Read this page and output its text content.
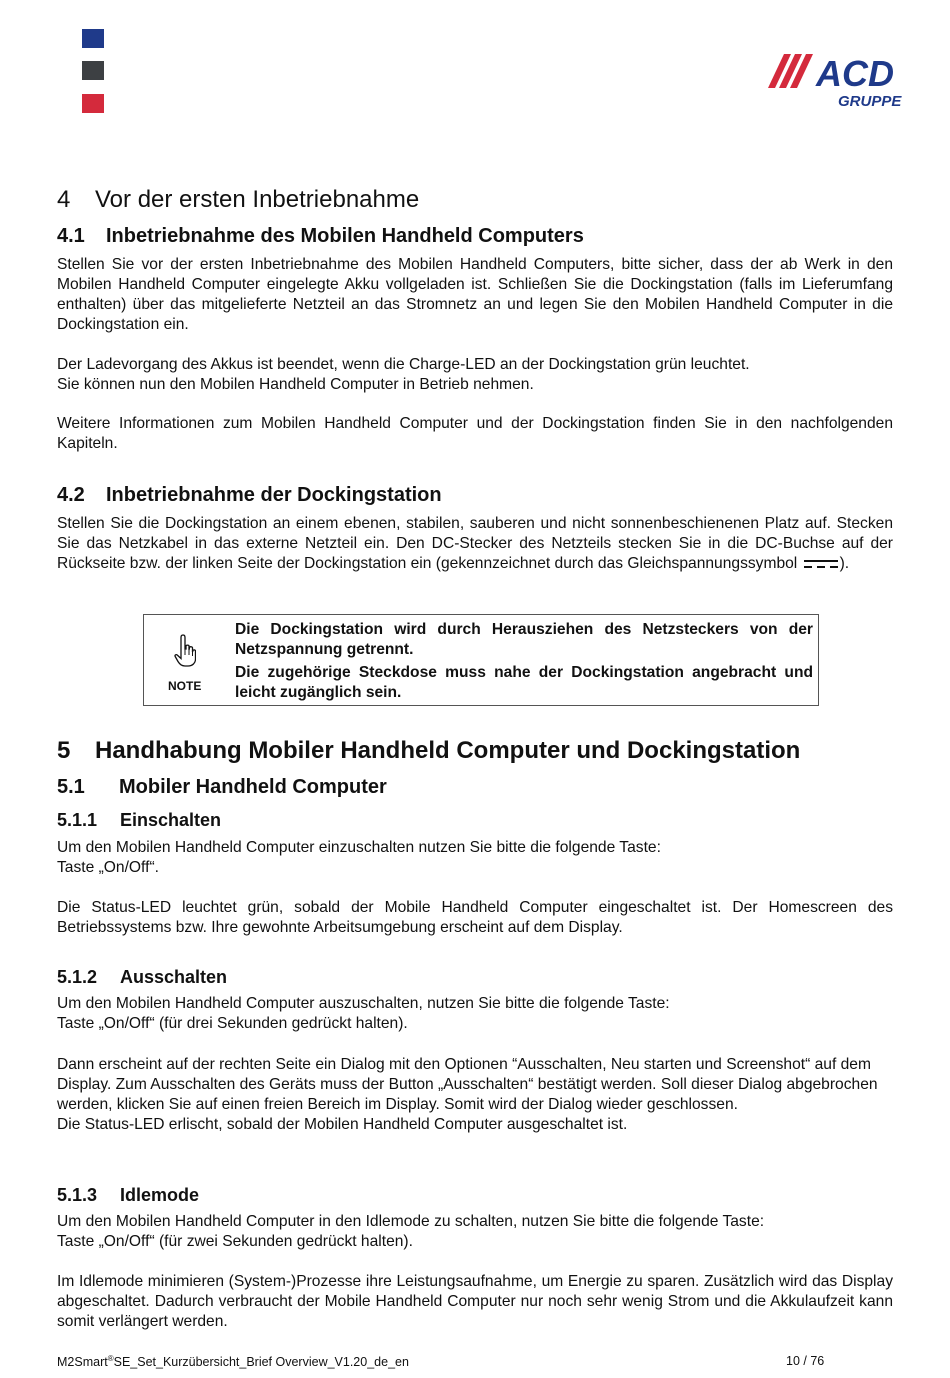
ACD
GRUPPE
4 Vor der ersten Inbetriebnahme
4.1 Inbetriebnahme des Mobilen Handheld Computers

Stellen Sie vor der ersten Inbetriebnahme des Mobilen Handheld Computers, bitte sicher, dass der ab Werk in den Mobilen Handheld Computer eingelegte Akku vollgeladen ist. Schließen Sie die Dockingstation (falls im Lieferumfang enthalten) über das mitgelieferte Netzteil an das Stromnetz an und legen Sie den Mobilen Handheld Computer in die Dockingstation ein.

Der Ladevorgang des Akkus ist beendet, wenn die Charge-LED an der Dockingstation grün leuchtet.
Sie können nun den Mobilen Handheld Computer in Betrieb nehmen.

Weitere Informationen zum Mobilen Handheld Computer und der Dockingstation finden Sie in den nachfolgenden Kapiteln.

4.2 Inbetriebnahme der Dockingstation

Stellen Sie die Dockingstation an einem ebenen, stabilen, sauberen und nicht sonnenbeschienenen Platz auf. Stecken Sie das Netzkabel in das externe Netzteil ein. Den DC-Stecker des Netzteils stecken Sie in die DC-Buchse auf der Rückseite bzw. der linken Seite der Dockingstation ein (gekennzeichnet durch das Gleichspannungssymbol	).

NOTE

Die Dockingstation wird durch Herausziehen des Netzsteckers von der Netzspannung getrennt.

Die zugehörige Steckdose muss nahe der Dockingstation angebracht und leicht zugänglich sein.

5 Handhabung Mobiler Handheld Computer und Dockingstation
5.1 Mobiler Handheld Computer
5.1.1 Einschalten

Um den Mobilen Handheld Computer einzuschalten nutzen Sie bitte die folgende Taste:
Taste „On/Off“.

Die Status-LED leuchtet grün, sobald der Mobile Handheld Computer eingeschaltet ist. Der Homescreen des Betriebssystems bzw. Ihre gewohnte Arbeitsumgebung erscheint auf dem Display.

5.1.2 Ausschalten

Um den Mobilen Handheld Computer auszuschalten, nutzen Sie bitte die folgende Taste:
Taste „On/Off“ (für drei Sekunden gedrückt halten).

Dann erscheint auf der rechten Seite ein Dialog mit den Optionen “Ausschalten, Neu starten und Screenshot“ auf dem Display. Zum Ausschalten des Geräts muss der Button „Ausschalten“ bestätigt werden. Soll dieser Dialog abgebrochen werden, klicken Sie auf einen freien Bereich im Display. Somit wird der Dialog wieder geschlossen.
Die Status-LED erlischt, sobald der Mobilen Handheld Computer ausgeschaltet ist.

5.1.3 Idlemode

Um den Mobilen Handheld Computer in den Idlemode zu schalten, nutzen Sie bitte die folgende Taste:
Taste „On/Off“ (für zwei Sekunden gedrückt halten).

Im Idlemode minimieren (System-)Prozesse ihre Leistungsaufnahme, um Energie zu sparen. Zusätzlich wird das Display abgeschaltet. Dadurch verbraucht der Mobile Handheld Computer nur noch sehr wenig Strom und die Akkulaufzeit kann somit verlängert werden.

M2Smart®SE_Set_Kurzübersicht_Brief Overview_V1.20_de_en	10 / 76
